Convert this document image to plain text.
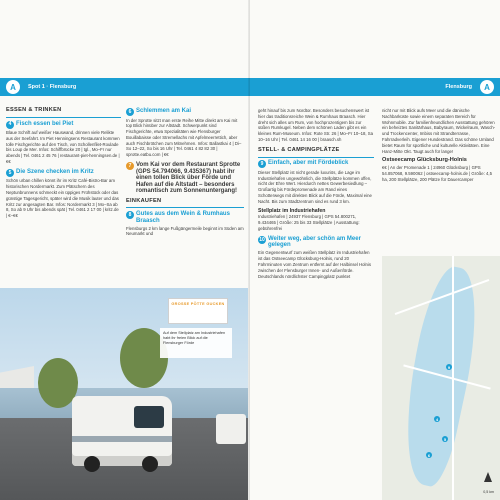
A	Spot 1 · Flensburg
ESSEN & TRINKEN
4 Fisch essen bei Piet
Blaue Schrift auf weißer Hauswand, drinnen viele Relikte aus der Seefahrt. Im Piet Henningsens Restaurant kommen tolle Fischgerichte auf den Tisch, von Schollenfilet-Roulade bis Loup de Mer. Infos: Schiffbrücke 20 | tgl., Mo–Fr nur abends | Tel. 0461 2 45 76 | restaurant-piet-henningsen.de | €€
5 Die Szene checken im Kritz
Schön urban chillen könnt ihr im Kritz Café-Bistro-Bar am historischen Nordermarkt. Zum Plätschern des Neptunbrunnens schmeckt ein üppiges Frühstück oder das günstige Tagesgericht, später wird die Musik lauter und das Kritz zur angesagten Bar. Infos: Nordermarkt 3 | Mo–Sa ab 8, So ab 9 Uhr bis abends spät | Tel. 0461 2 17 00 | kritz.de | €–€€
6 Schlemmen am Kai
In der Sprotte sitzt man erste Reihe Mitte direkt am Kai mit top Blick hinüber zur Altstadt. Schwerpunkt sind Fischgerichte, etwa Spezialitäten wie Flensburger Bouillabaisse oder Stremellachs mit Apfelmeerrettich, aber auch Fischbrötchen zum Mitnehmen. Infos: Ballastkai 4 | Di–So 12–22, So bis 16 Uhr | Tel. 0461 4 82 82 30 | sprotte.eatbu.com | €€
7 Vom Kai vor dem Restaurant Sprotte (GPS 54.794066, 9.435367) habt ihr einen tollen Blick über Förde und Hafen auf die Altstadt – besonders romantisch zum Sonnenuntergang!
EINKAUFEN
8 Gutes aus dem Wein & Rumhaus Braasch
Flensburgs 2 km lange Fußgängermeile beginnt im Süden am Neumarkt und
GROSSE PÖTTE GUCKEN
Auf dem Stellplatz am Industriehafen habt ihr freien Blick auf die Flensburger Förde
Flensburg	A
geht hinauf bis zum Nordtor. Besonders besuchenswert ist hier das traditionsreiche Wein & Rumhaus Braasch. Hier dreht sich alles um Rum, von hochprozentigem bis zur süßen Rumkugel. Neben dem schönen Laden gibt es ein kleines Rum-Museum. Infos: Rote Str. 26 | Mo–Fr 10–18, Sa 10–16 Uhr | Tel. 0461 14 16 00 | braasch.sh
STELL- & CAMPINGPLÄTZE
9 Einfach, aber mit Fördeblick
Dieser Stellplatz ist nicht gerade luxuriös, die Lage im Industriehafen ungewöhnlich, die Stellplätze kommen offen, nicht der Ehre Wert. Hierdurch nettes Gewerbesiedlung – Großartig bis Fördepromenade am Rand eines Schotterwegs mit direkten Blick auf die Förde, Maximal eine Nacht. Bis zum Stadtzentrum sind es rund 3 km.
Stellplatz im Industriehafen
Industriehafen | 24937 Flensburg | GPS 54.800271, 9.434465 | Größe: 25 bis 33 Stellplätze | Ausstattung: gebührenfrei
10 Weiter weg, aber schön am Meer gelegen
Ein Gegenentwurf zum weißen Stellplatz im Industriehafen ist das Ostseecamp Glücksburg-Holnis, rund 20 Fahrminuten vom Zentrum entfernt auf der Halbinsel Holnis zwischen der Flensburger Innen- und Außenförde. Deutschlands nördlichster Campingplatz punktet
nicht nur mit Blick aufs Meer und die dänische Nachbarküste sowie einem separaten Bereich für Wohnmobile. Zur familienfreundlichen Ausstattung gehören ein beheiztes Sanitärhaus, Babyraum, Wickelraum, Wasch- und Trockencenter, Imbiss mit Strandterrasse, Fahrradverleih. Eigener Hundestrand. Das schöne Umland bietet Raum für sportliche und kulturelle Aktivitäten. Eine Hanz-Mitte Okt. Taugt auch für lange!
Ostseecamp Glücksburg-Holnis
€€ | An der Promenade 1 | 24960 Glücksburg | GPS 54.857068, 9.590062 | ostseecamp-holnis.de | Größe: 4,5 ha, 200 Stellplätze, 200 Plätze für Dauercamper
9
4
5
6
0,5 km
